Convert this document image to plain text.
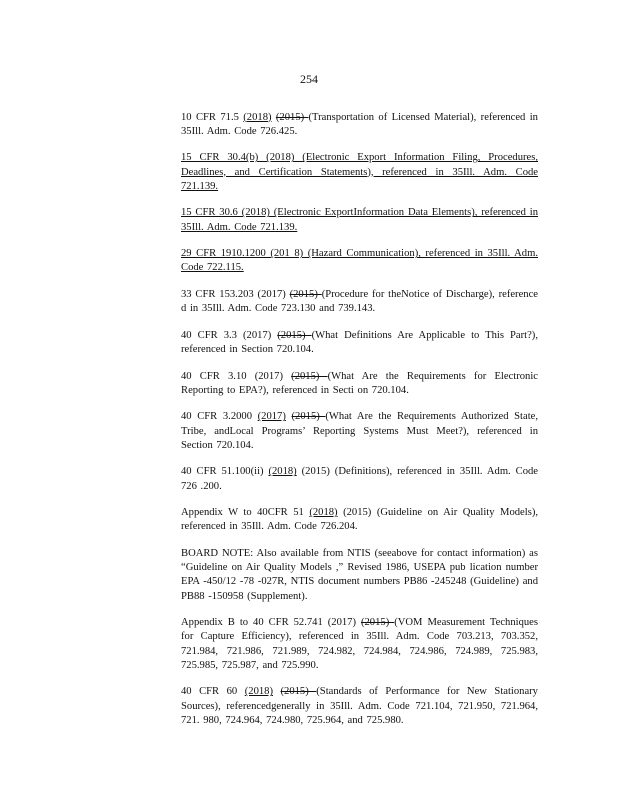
254

10 CFR 71.5 (2018) (2015) (Transportation of Licensed Material), referenced in 35Ill. Adm. Code 726.425.

15 CFR 30.4(b) (2018) (Electronic Export Information Filing, Procedures, Deadlines, and Certification Statements), referenced in 35Ill. Adm. Code 721.139.

15 CFR 30.6 (2018) (Electronic ExportInformation Data Elements), referenced in 35Ill. Adm. Code 721.139.

29 CFR 1910.1200 (201 8) (Hazard Communication), referenced in 35Ill. Adm. Code 722.115.

33 CFR 153.203 (2017) (2015) (Procedure for theNotice of Discharge), reference d in 35Ill. Adm. Code 723.130 and 739.143.

40 CFR 3.3 (2017) (2015) (What Definitions Are Applicable to This Part?), referenced in Section 720.104.

40 CFR 3.10 (2017) (2015) (What Are the Requirements for Electronic Reporting to EPA?), referenced in Secti on 720.104.

40 CFR 3.2000 (2017) (2015) (What Are the Requirements Authorized State, Tribe, andLocal Programs’ Reporting Systems Must Meet?), referenced in Section 720.104.

40 CFR 51.100(ii) (2018) (2015) (Definitions), referenced in 35Ill. Adm. Code 726 .200.

Appendix W to 40CFR 51 (2018) (2015) (Guideline on Air Quality Models), referenced in 35Ill. Adm. Code 726.204.

BOARD NOTE: Also available from NTIS (seeabove for contact information) as “Guideline on Air Quality Models ,” Revised 1986, USEPA pub lication number EPA -450/12 -78 -027R, NTIS document numbers PB86 -245248 (Guideline) and PB88 -150958 (Supplement).

Appendix B to 40 CFR 52.741 (2017) (2015) (VOM Measurement Techniques for Capture Efficiency), referenced in 35Ill. Adm. Code 703.213, 703.352, 721.984, 721.986, 721.989, 724.982, 724.984, 724.986, 724.989, 725.983, 725.985, 725.987, and 725.990.

40 CFR 60 (2018) (2015) (Standards of Performance for New Stationary Sources), referencedgenerally in 35Ill. Adm. Code 721.104, 721.950, 721.964, 721. 980, 724.964, 724.980, 725.964, and 725.980.
